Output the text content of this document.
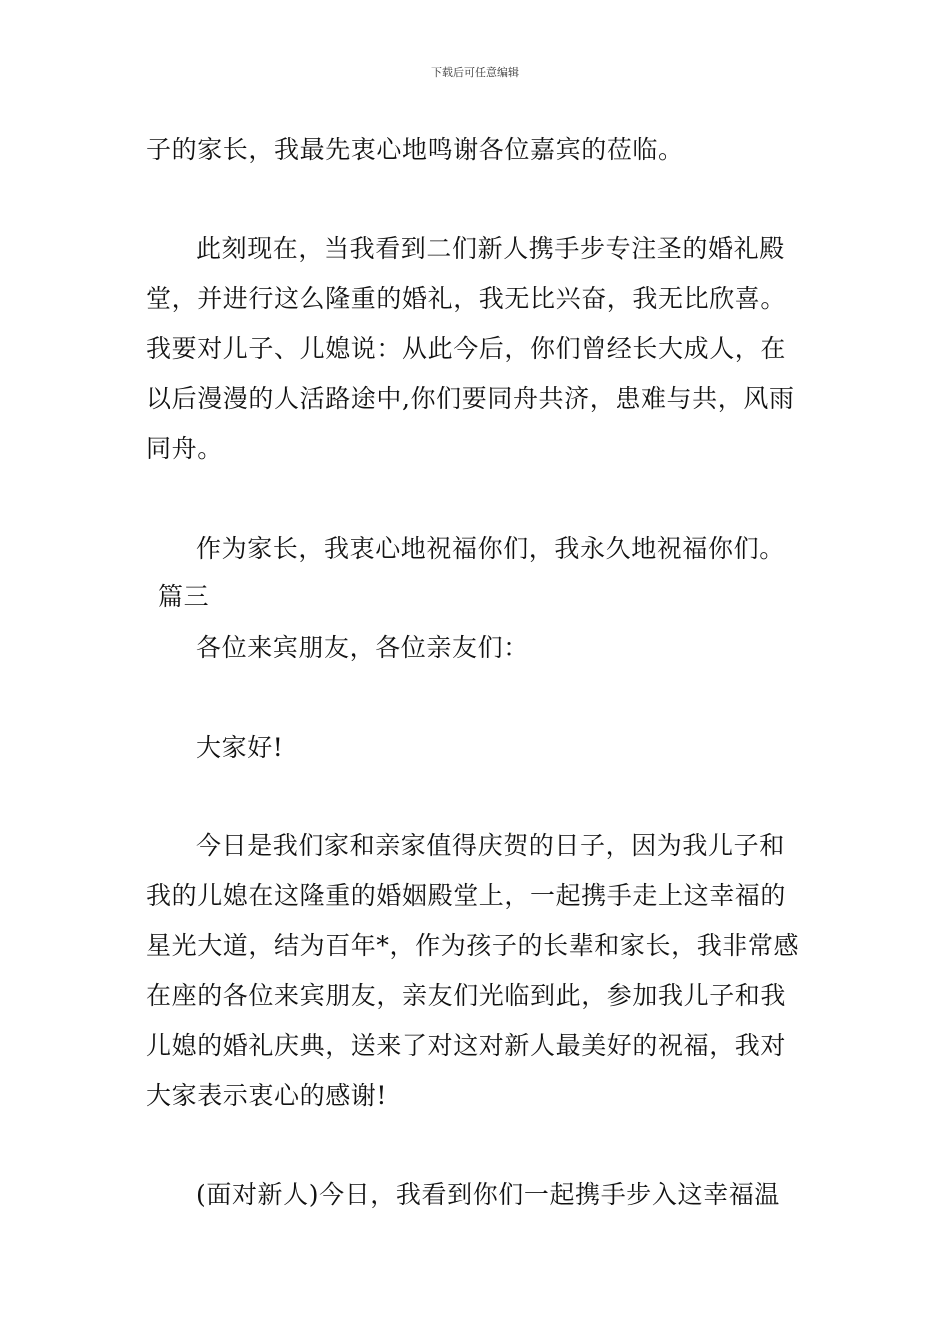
下载后可任意编辑
子的家长，我最先衷心地鸣谢各位嘉宾的莅临。
此刻现在，当我看到二们新人携手步专注圣的婚礼殿
堂，并进行这么隆重的婚礼，我无比兴奋，我无比欣喜。
我要对儿子、儿媳说：从此今后，你们曾经长大成人，在
以后漫漫的人活路途中,你们要同舟共济，患难与共，风雨
同舟。
作为家长，我衷心地祝福你们，我永久地祝福你们。
篇三
各位来宾朋友，各位亲友们：
大家好!
今日是我们家和亲家值得庆贺的日子，因为我儿子和
我的儿媳在这隆重的婚姻殿堂上，一起携手走上这幸福的
星光大道，结为百年*，作为孩子的长辈和家长，我非常感
在座的各位来宾朋友，亲友们光临到此，参加我儿子和我
儿媳的婚礼庆典，送来了对这对新人最美好的祝福，我对
大家表示衷心的感谢!
(面对新人)今日，我看到你们一起携手步入这幸福温
